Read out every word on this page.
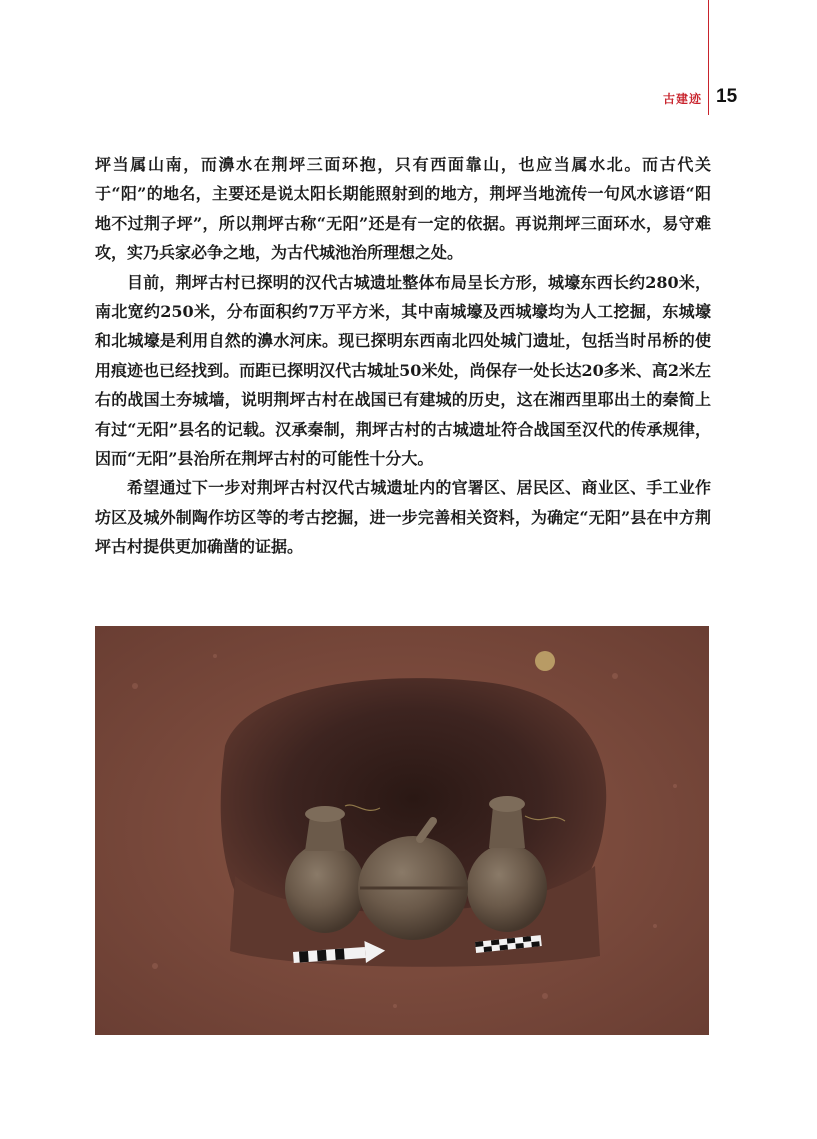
古建迹 15

坪当属山南，而濞水在荆坪三面环抱，只有西面靠山，也应当属水北。而古代关于“阳”的地名，主要还是说太阳长期能照射到的地方，荆坪当地流传一句风水谚语“阳地不过荆子坪”，所以荆坪古称“无阳”还是有一定的依据。再说荆坪三面环水，易守难攻，实乃兵家必争之地，为古代城池治所理想之处。

目前，荆坪古村已探明的汉代古城遗址整体布局呈长方形，城壕东西长约280米，南北宽约250米，分布面积约7万平方米，其中南城壕及西城壕均为人工挖掘，东城壕和北城壕是利用自然的濞水河床。现已探明东西南北四处城门遗址，包括当时吊桥的使用痕迹也已经找到。而距已探明汉代古城址50米处，尚保存一处长达20多米、高2米左右的战国土夯城墙，说明荆坪古村在战国已有建城的历史，这在湘西里耶出土的秦简上有过“无阳”县名的记载。汉承秦制，荆坪古村的古城遗址符合战国至汉代的传承规律，因而“无阳”县治所在荆坪古村的可能性十分大。

希望通过下一步对荆坪古村汉代古城遗址内的官署区、居民区、商业区、手工业作坊区及城外制陶作坊区等的考古挖掘，进一步完善相关资料，为确定“无阳”县在中方荆坪古村提供更加确凿的证据。
